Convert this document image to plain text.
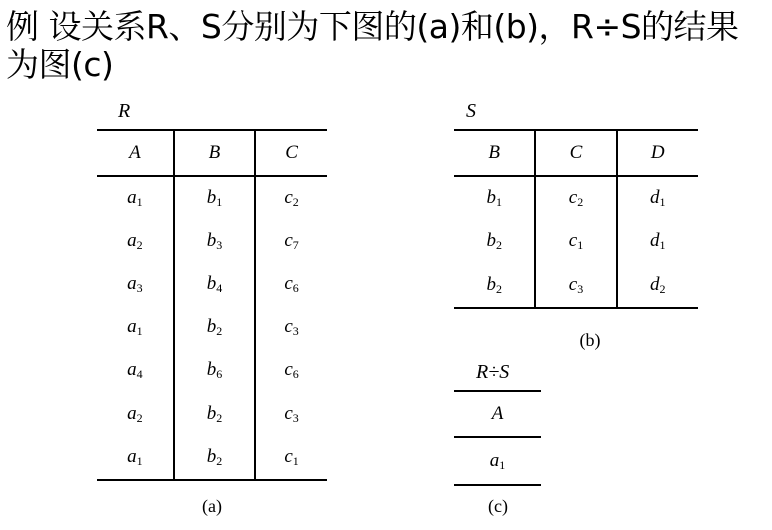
例 设关系R、S分别为下图的(a)和(b)，R÷S的结果为图(c)
R
A	B	C
$a_1$	$b_1$	$c_2$
$a_2$	$b_3$	$c_7$
$a_3$	$b_4$	$c_6$
$a_1$	$b_2$	$c_3$
$a_4$	$b_6$	$c_6$
$a_2$	$b_2$	$c_3$
$a_1$	$b_2$	$c_1$
(a)
S
B	C	D
$b_1$	$c_2$	$d_1$
$b_2$	$c_1$	$d_1$
$b_2$	$c_3$	$d_2$
(b)
R÷S
A
$a_1$
(c)
